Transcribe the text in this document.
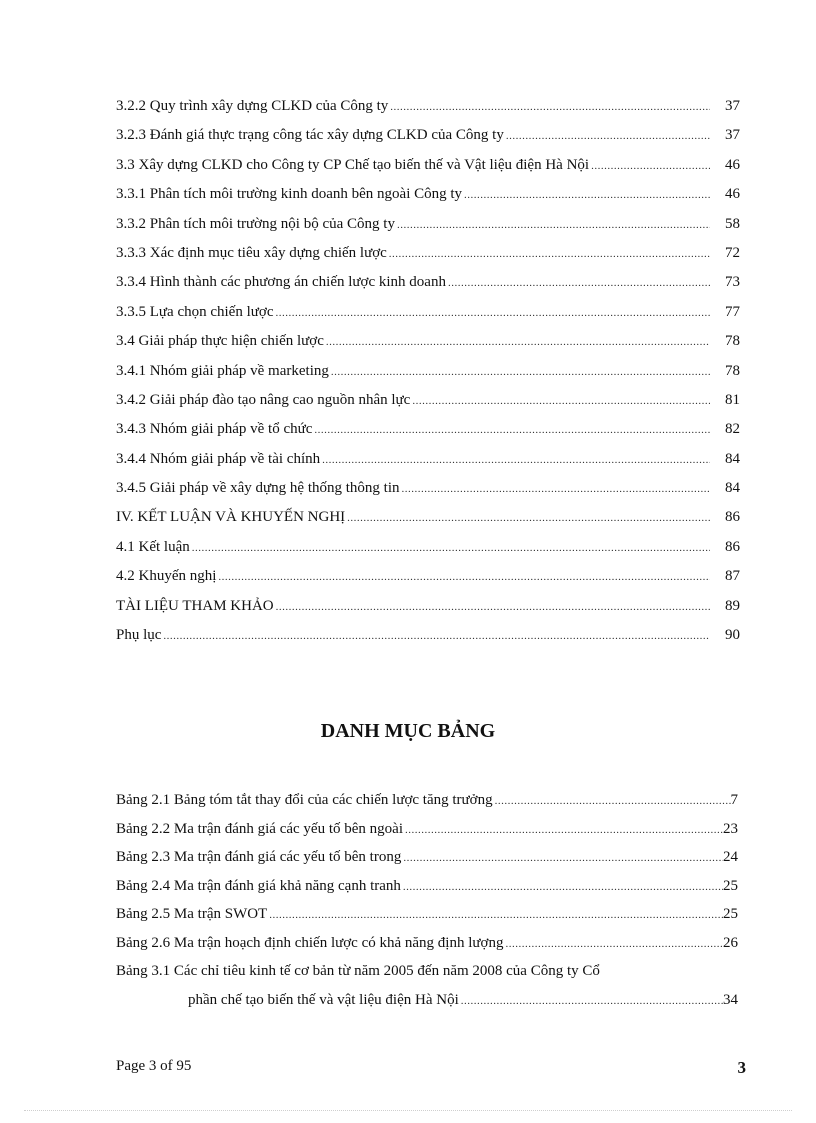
3.2.2 Quy trình xây dựng CLKD của Công ty .....	37
3.2.3 Đánh giá thực trạng công tác xây dựng CLKD của Công ty .....	37
3.3 Xây dựng CLKD cho Công ty CP Chế tạo biến thế và Vật liệu điện Hà Nội .....	46
3.3.1 Phân tích môi trường kinh doanh bên ngoài Công ty .....	46
3.3.2 Phân tích môi trường nội bộ của Công ty .....	58
3.3.3 Xác định mục tiêu xây dựng chiến lược .....	72
3.3.4 Hình thành các phương án chiến lược kinh doanh .....	73
3.3.5 Lựa chọn chiến lược .....	77
3.4 Giải pháp thực hiện chiến lược .....	78
3.4.1 Nhóm giải pháp về marketing .....	78
3.4.2 Giải pháp đào tạo nâng cao nguồn nhân lực .....	81
3.4.3 Nhóm giải pháp về tổ chức .....	82
3.4.4 Nhóm giải pháp về tài chính .....	84
3.4.5 Giải pháp về xây dựng hệ thống thông tin .....	84
IV. KẾT LUẬN VÀ KHUYẾN NGHỊ .....	86
4.1 Kết luận .....	86
4.2 Khuyến nghị .....	87
TÀI LIỆU THAM KHẢO .....	89
Phụ lục .....	90
DANH MỤC BẢNG
Bảng 2.1 Bảng tóm tắt thay đổi của các chiến lược tăng trưởng .....	7
Bảng 2.2 Ma trận đánh giá các yếu tố bên ngoài .....	23
Bảng 2.3 Ma trận đánh giá các yếu tố bên trong .....	24
Bảng 2.4 Ma trận đánh giá khả năng cạnh tranh .....	25
Bảng 2.5 Ma trận SWOT .....	25
Bảng 2.6 Ma trận hoạch định chiến lược có khả năng định lượng .....	26
Bảng 3.1 Các chỉ tiêu kinh tế cơ bản từ năm 2005 đến năm 2008 của Công ty Cổ
phần chế tạo biến thế và vật liệu điện Hà Nội .....	34
Page 3 of 95	3
